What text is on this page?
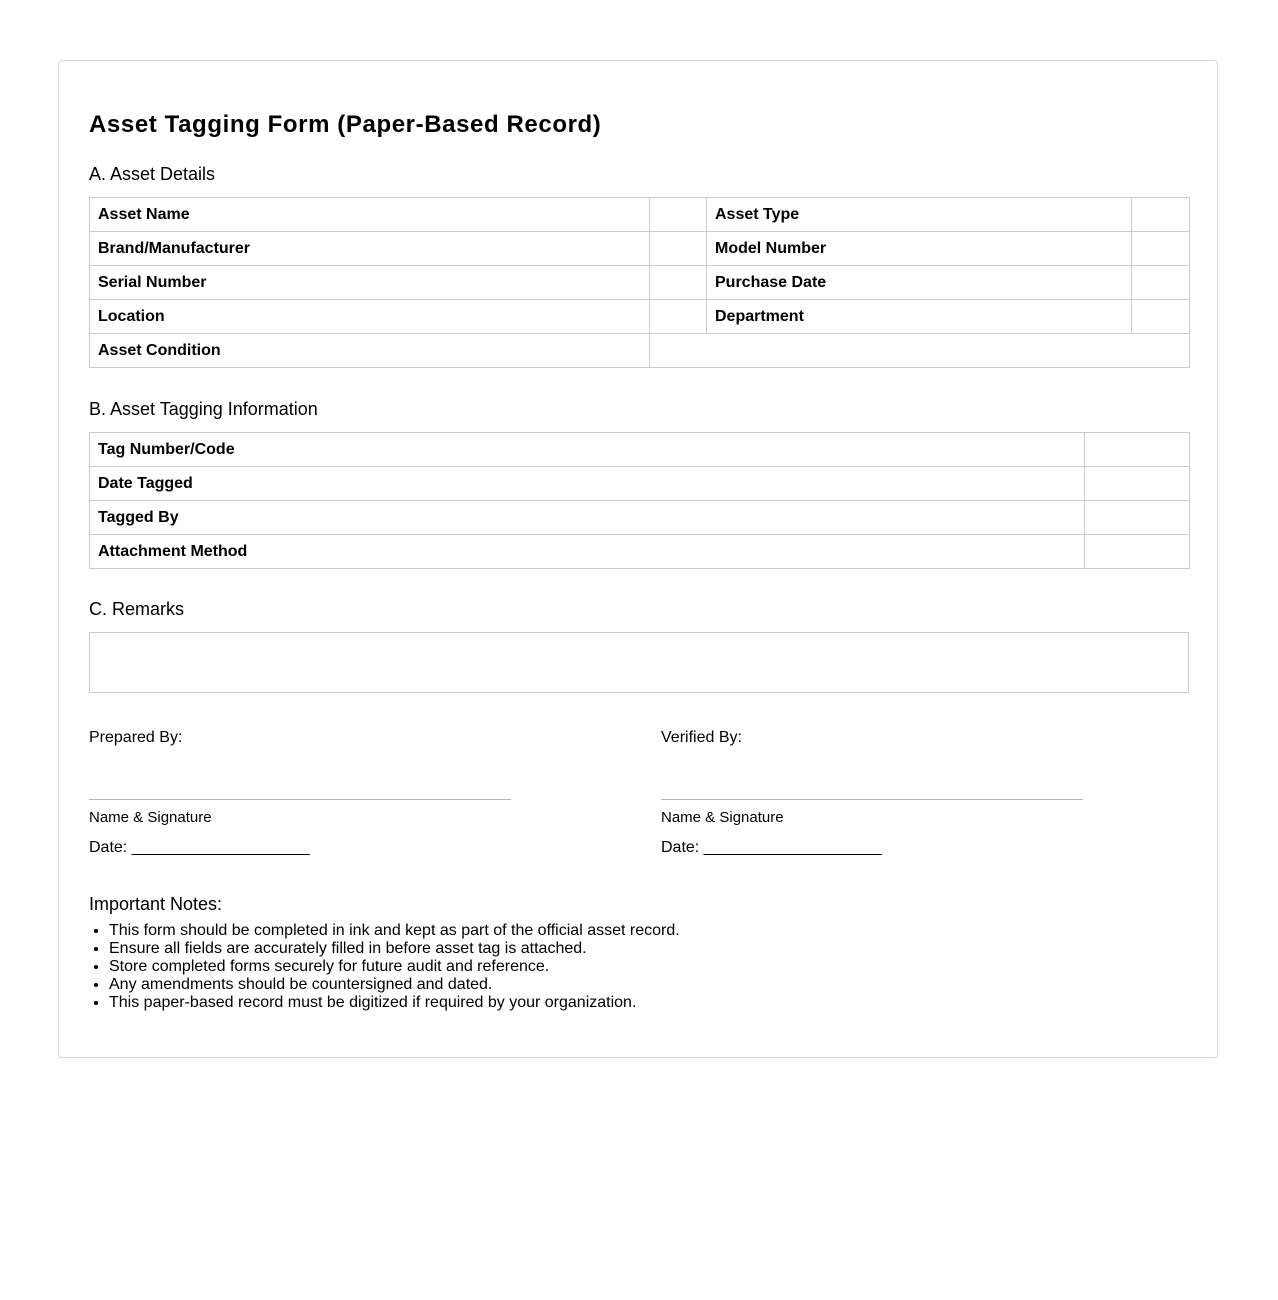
Asset Tagging Form (Paper-Based Record)
A. Asset Details
Asset Name		Asset Type	
Brand/Manufacturer		Model Number	
Serial Number		Purchase Date	
Location		Department	
Asset Condition			
B. Asset Tagging Information
Tag Number/Code	
Date Tagged	
Tagged By	
Attachment Method	
C. Remarks
Prepared By:
Name & Signature
Date: ____________________
Verified By:
Name & Signature
Date: ____________________
Important Notes:
• This form should be completed in ink and kept as part of the official asset record.
• Ensure all fields are accurately filled in before asset tag is attached.
• Store completed forms securely for future audit and reference.
• Any amendments should be countersigned and dated.
• This paper-based record must be digitized if required by your organization.
